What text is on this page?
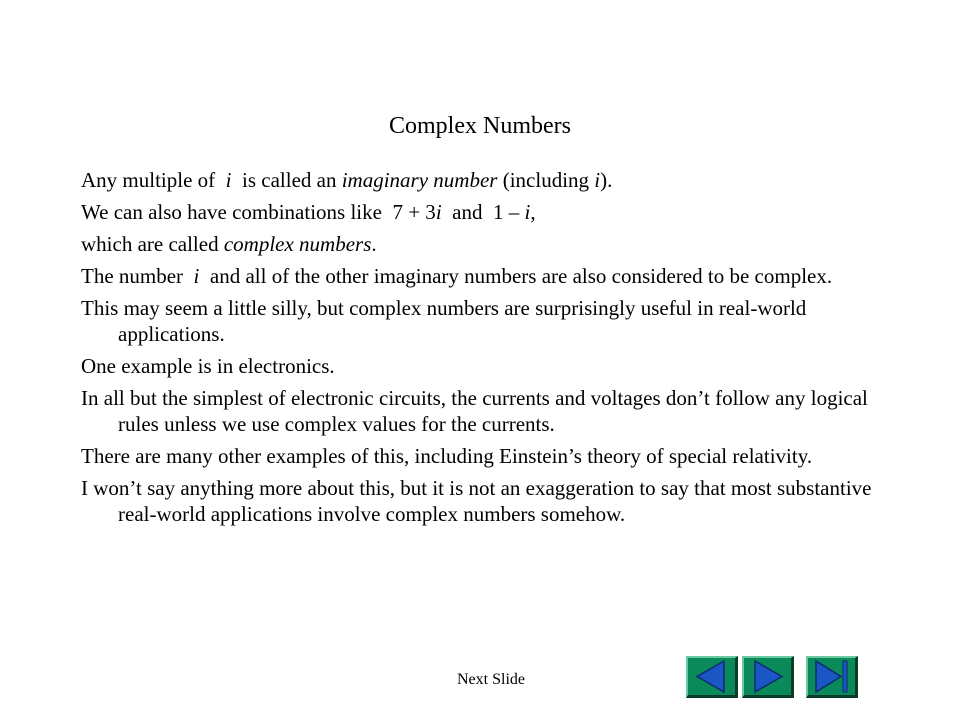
Complex Numbers

Any multiple of  i  is called an imaginary number (including i).

We can also have combinations like  7 + 3i  and  1 – i,

which are called complex numbers.

The number  i  and all of the other imaginary numbers are also considered to be complex.

This may seem a little silly, but complex numbers are surprisingly useful in real-world applications.

One example is in electronics.

In all but the simplest of electronic circuits, the currents and voltages don’t follow any logical rules unless we use complex values for the currents.

There are many other examples of this, including Einstein’s theory of special relativity.

I won’t say anything more about this, but it is not an exaggeration to say that most substantive real-world applications involve complex numbers somehow.

Next Slide
